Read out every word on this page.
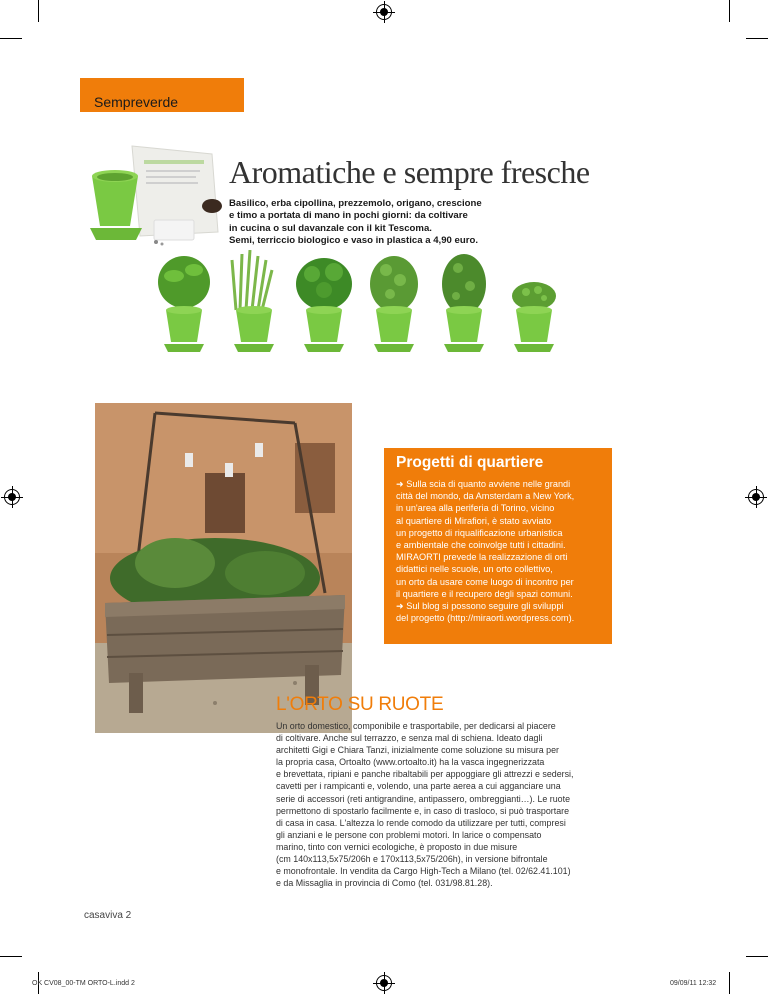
Sempreverde
Aromatiche e sempre fresche
Basilico, erba cipollina, prezzemolo, origano, crescione
e timo a portata di mano in pochi giorni: da coltivare
in cucina o sul davanzale con il kit Tescoma.
Semi, terriccio biologico e vaso in plastica a 4,90 euro.
Progetti di quartiere
➜ Sulla scia di quanto avviene nelle grandi
città del mondo, da Amsterdam a New York,
in un'area alla periferia di Torino, vicino
al quartiere di Mirafiori, è stato avviato
un progetto di riqualificazione urbanistica
e ambientale che coinvolge tutti i cittadini.
MIRAORTI prevede la realizzazione di orti
didattici nelle scuole, un orto collettivo,
un orto da usare come luogo di incontro per
il quartiere e il recupero degli spazi comuni.
➜ Sul blog si possono seguire gli sviluppi
del progetto (http://miraorti.wordpress.com).
L'ORTO SU RUOTE
Un orto domestico, componibile e trasportabile, per dedicarsi al piacere
di coltivare. Anche sul terrazzo, e senza mal di schiena. Ideato dagli
architetti Gigi e Chiara Tanzi, inizialmente come soluzione su misura per
la propria casa, Ortoalto (www.ortoalto.it) ha la vasca ingegnerizzata
e brevettata, ripiani e panche ribaltabili per appoggiare gli attrezzi e sedersi,
cavetti per i rampicanti e, volendo, una parte aerea a cui agganciare una
serie di accessori (reti antigrandine, antipassero, ombreggianti…). Le ruote
permettono di spostarlo facilmente e, in caso di trasloco, si può trasportare
di casa in casa. L'altezza lo rende comodo da utilizzare per tutti, compresi
gli anziani e le persone con problemi motori. In larice o compensato
marino, tinto con vernici ecologiche, è proposto in due misure
(cm 140x113,5x75/206h e 170x113,5x75/206h), in versione bifrontale
e monofrontale. In vendita da Cargo High-Tech a Milano (tel. 02/62.41.101)
e da Missaglia in provincia di Como (tel. 031/98.81.28).
casaviva 2
OK CV08_00-TM ORTO-L.indd 2	09/09/11 12:32
